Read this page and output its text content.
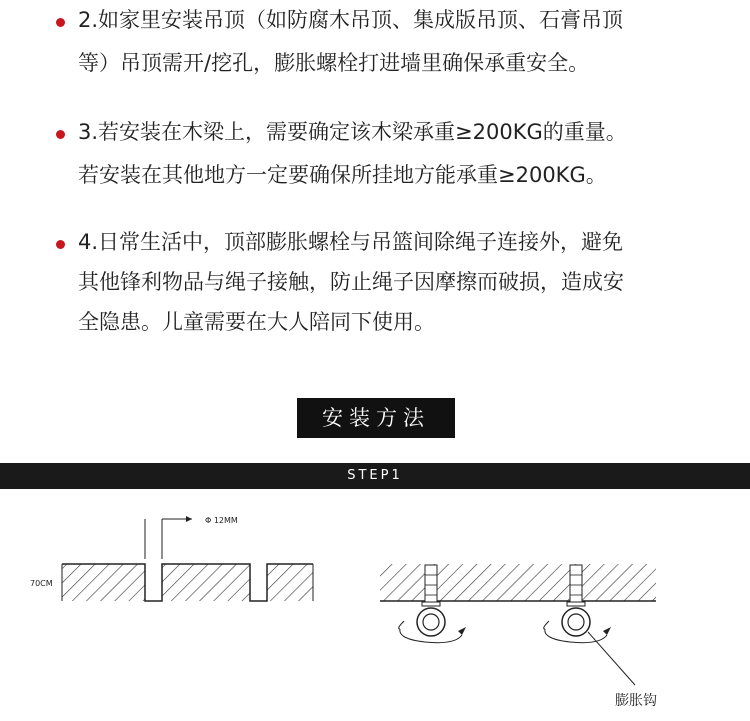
2.如家里安装吊顶（如防腐木吊顶、集成版吊顶、石膏吊顶
等）吊顶需开/挖孔，膨胀螺栓打进墙里确保承重安全。
3.若安装在木梁上，需要确定该木梁承重≥200KG的重量。
若安装在其他地方一定要确保所挂地方能承重≥200KG。
4.日常生活中，顶部膨胀螺栓与吊篮间除绳子连接外，避免
其他锋利物品与绳子接触，防止绳子因摩擦而破损，造成安
全隐患。儿童需要在大人陪同下使用。
安装方法
STEP1
Φ 12MM
70CM
膨胀钩
